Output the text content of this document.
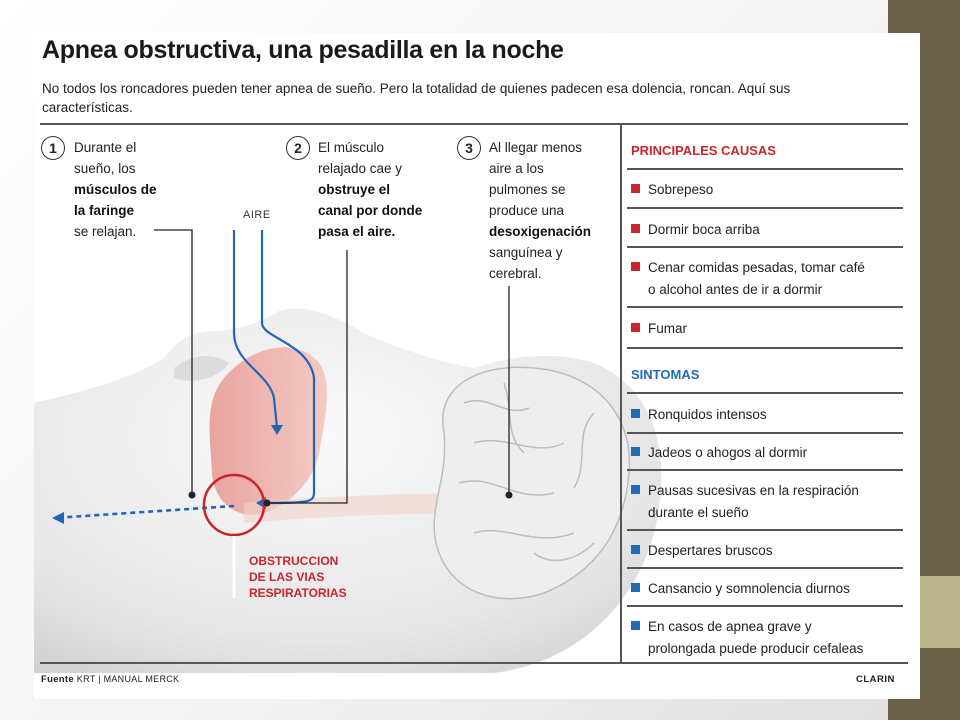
Apnea obstructiva, una pesadilla en la noche
No todos los roncadores pueden tener apnea de sueño. Pero la totalidad de quienes padecen esa dolencia, roncan. Aquí sus características.
1	Durante el
sueño, los
músculos de
la faringe
se relajan.
2	El músculo
relajado cae y
obstruye el
canal por donde
pasa el aire.
3	Al llegar menos
aire a los
pulmones se
produce una
desoxigenación
sanguínea y
cerebral.
AIRE
OBSTRUCCION
DE LAS VIAS
RESPIRATORIAS
PRINCIPALES CAUSAS
Sobrepeso
Dormir boca arriba
Cenar comidas pesadas, tomar café
o alcohol antes de ir a dormir
Fumar
SINTOMAS
Ronquidos intensos
Jadeos o ahogos al dormir
Pausas sucesivas en la respiración
durante el sueño
Despertares bruscos
Cansancio y somnolencia diurnos
En casos de apnea grave y
prolongada puede producir cefaleas
Fuente KRT | MANUAL MERCK	CLARIN
